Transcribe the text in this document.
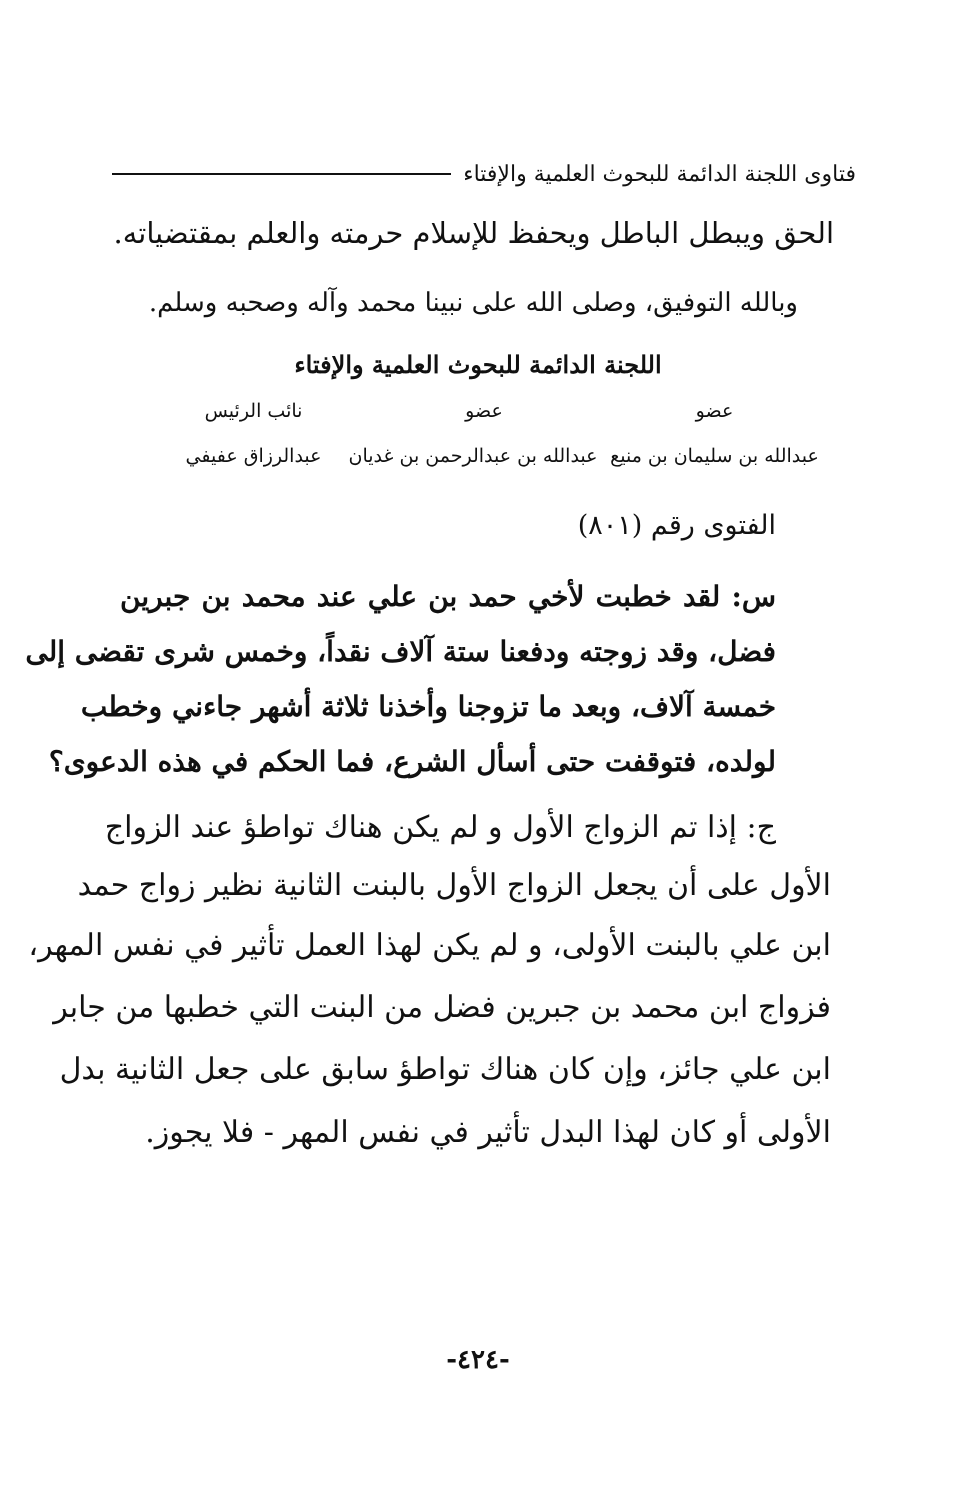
فتاوى اللجنة الدائمة للبحوث العلمية والإفتاء
الحق ويبطل الباطل ويحفظ للإسلام حرمته والعلم بمقتضياته.
وبالله التوفيق، وصلى الله على نبينا محمد وآله وصحبه وسلم.
اللجنة الدائمة للبحوث العلمية والإفتاء
عضو
عضو
نائب الرئيس
عبدالله بن سليمان بن منيع
عبدالله بن عبدالرحمن بن غديان
عبدالرزاق عفيفي
الفتوى رقم (٨٠١)
س: لقد خطبت لأخي حمد بن علي عند محمد بن جبرين
فضل، وقد زوجته ودفعنا ستة آلاف نقداً، وخمس شرى تقضى إلى
خمسة آلاف، وبعد ما تزوجنا وأخذنا ثلاثة أشهر جاءني وخطب
لولده، فتوقفت حتى أسأل الشرع، فما الحكم في هذه الدعوى؟
ج: إذا تم الزواج الأول و لم يكن هناك تواطؤ عند الزواج
الأول على أن يجعل الزواج الأول بالبنت الثانية نظير زواج حمد
ابن علي بالبنت الأولى، و لم يكن لهذا العمل تأثير في نفس المهر،
فزواج ابن محمد بن جبرين فضل من البنت التي خطبها من جابر
ابن علي جائز، وإن كان هناك تواطؤ سابق على جعل الثانية بدل
الأولى أو كان لهذا البدل تأثير في نفس المهر - فلا يجوز.
-٤٢٤-
